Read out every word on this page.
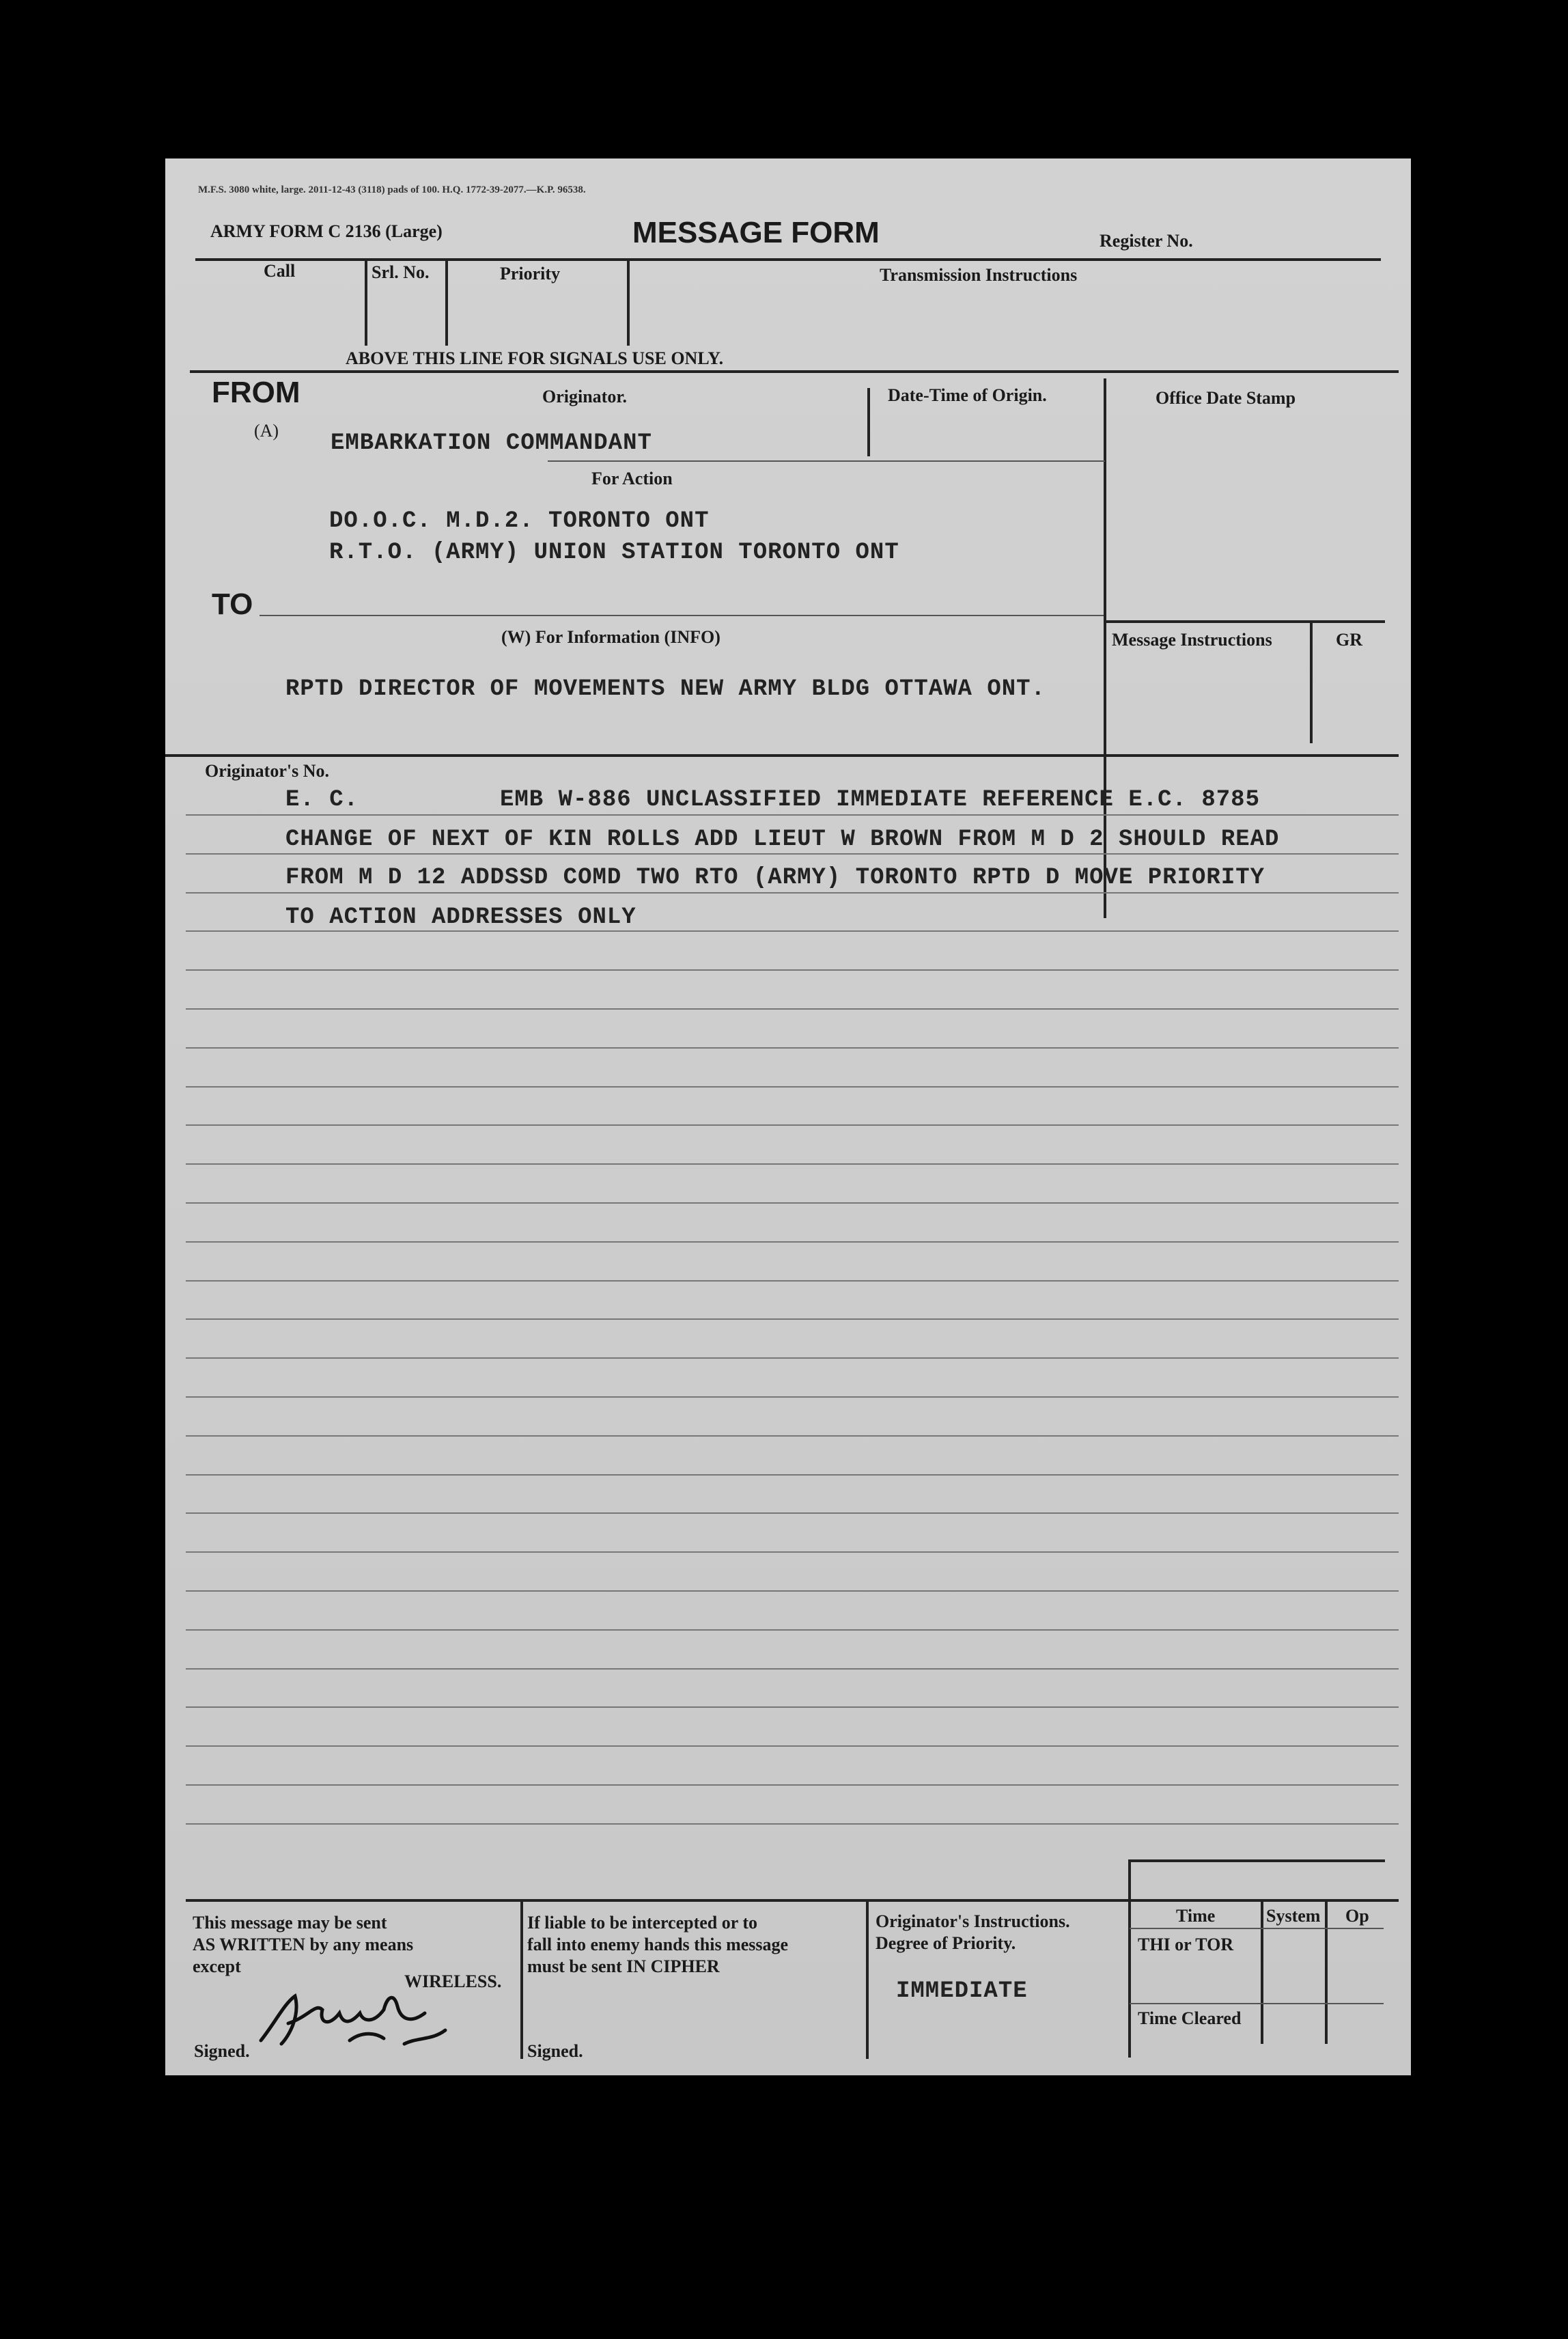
M.F.S. 3080 white, large. 2011-12-43 (3118) pads of 100. H.Q. 1772-39-2077.—K.P. 96538.
ARMY FORM C 2136 (Large)	MESSAGE FORM	Register No.
Call	Srl. No.	Priority	Transmission Instructions
ABOVE THIS LINE FOR SIGNALS USE ONLY.
FROM
(A)
Originator.
EMBARKATION COMMANDANT
Date-Time of Origin.	Office Date Stamp
For Action
DO.O.C. M.D.2. TORONTO ONT
R.T.O. (ARMY) UNION STATION TORONTO ONT
TO
(W) For Information (INFO)	Message Instructions	GR
RPTD DIRECTOR OF MOVEMENTS NEW ARMY BLDG OTTAWA ONT.
Originator's No.
E. C.	EMB W-886 UNCLASSIFIED IMMEDIATE REFERENCE E.C. 8785
CHANGE OF NEXT OF KIN ROLLS ADD LIEUT W BROWN FROM M D 2 SHOULD READ
FROM M D 12 ADDSSD COMD TWO RTO (ARMY) TORONTO RPTD D MOVE PRIORITY
TO ACTION ADDRESSES ONLY
This message may be sent
AS WRITTEN by any means
except
WIRELESS.
Signed.
If liable to be intercepted or to
fall into enemy hands this message
must be sent IN CIPHER
Signed.
Originator's Instructions.
Degree of Priority.
IMMEDIATE
Time	System Op
THI or TOR
Time Cleared
